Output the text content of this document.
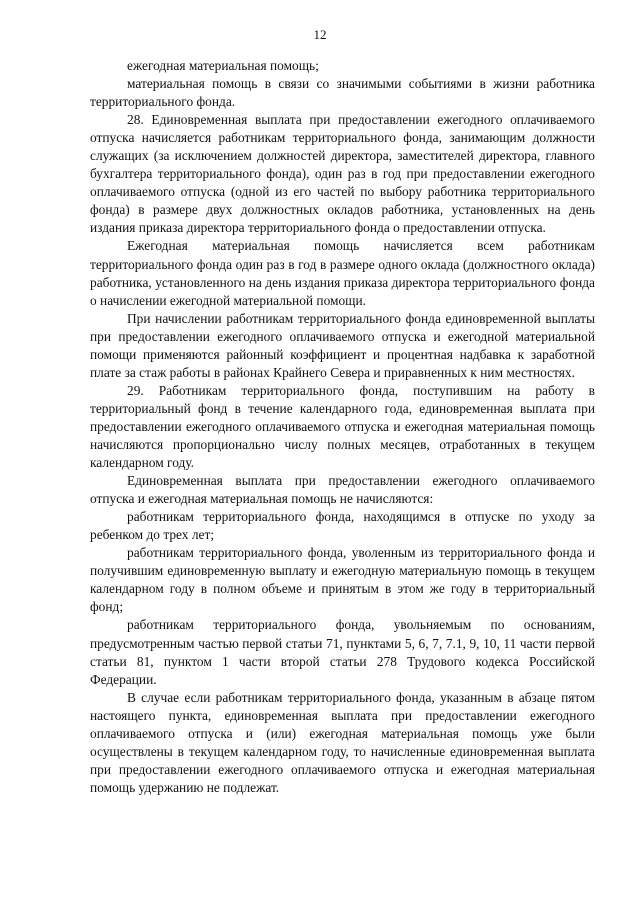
12

ежегодная материальная помощь;

материальная помощь в связи со значимыми событиями в жизни работника территориального фонда.

28. Единовременная выплата при предоставлении ежегодного оплачиваемого отпуска начисляется работникам территориального фонда, занимающим должности служащих (за исключением должностей директора, заместителей директора, главного бухгалтера территориального фонда), один раз в год при предоставлении ежегодного оплачиваемого отпуска (одной из его частей по выбору работника территориального фонда) в размере двух должностных окладов работника, установленных на день издания приказа директора территориального фонда о предоставлении отпуска.

Ежегодная материальная помощь начисляется всем работникам территориального фонда один раз в год в размере одного оклада (должностного оклада) работника, установленного на день издания приказа директора территориального фонда о начислении ежегодной материальной помощи.

При начислении работникам территориального фонда единовременной выплаты при предоставлении ежегодного оплачиваемого отпуска и ежегодной материальной помощи применяются районный коэффициент и процентная надбавка к заработной плате за стаж работы в районах Крайнего Севера и приравненных к ним местностях.

29. Работникам территориального фонда, поступившим на работу в территориальный фонд в течение календарного года, единовременная выплата при предоставлении ежегодного оплачиваемого отпуска и ежегодная материальная помощь начисляются пропорционально числу полных месяцев, отработанных в текущем календарном году.

Единовременная выплата при предоставлении ежегодного оплачиваемого отпуска и ежегодная материальная помощь не начисляются:

работникам территориального фонда, находящимся в отпуске по уходу за ребенком до трех лет;

работникам территориального фонда, уволенным из территориального фонда и получившим единовременную выплату и ежегодную материальную помощь в текущем календарном году в полном объеме и принятым в этом же году в территориальный фонд;

работникам территориального фонда, увольняемым по основаниям, предусмотренным частью первой статьи 71, пунктами 5, 6, 7, 7.1, 9, 10, 11 части первой статьи 81, пунктом 1 части второй статьи 278 Трудового кодекса Российской Федерации.

В случае если работникам территориального фонда, указанным в абзаце пятом настоящего пункта, единовременная выплата при предоставлении ежегодного оплачиваемого отпуска и (или) ежегодная материальная помощь уже были осуществлены в текущем календарном году, то начисленные единовременная выплата при предоставлении ежегодного оплачиваемого отпуска и ежегодная материальная помощь удержанию не подлежат.
